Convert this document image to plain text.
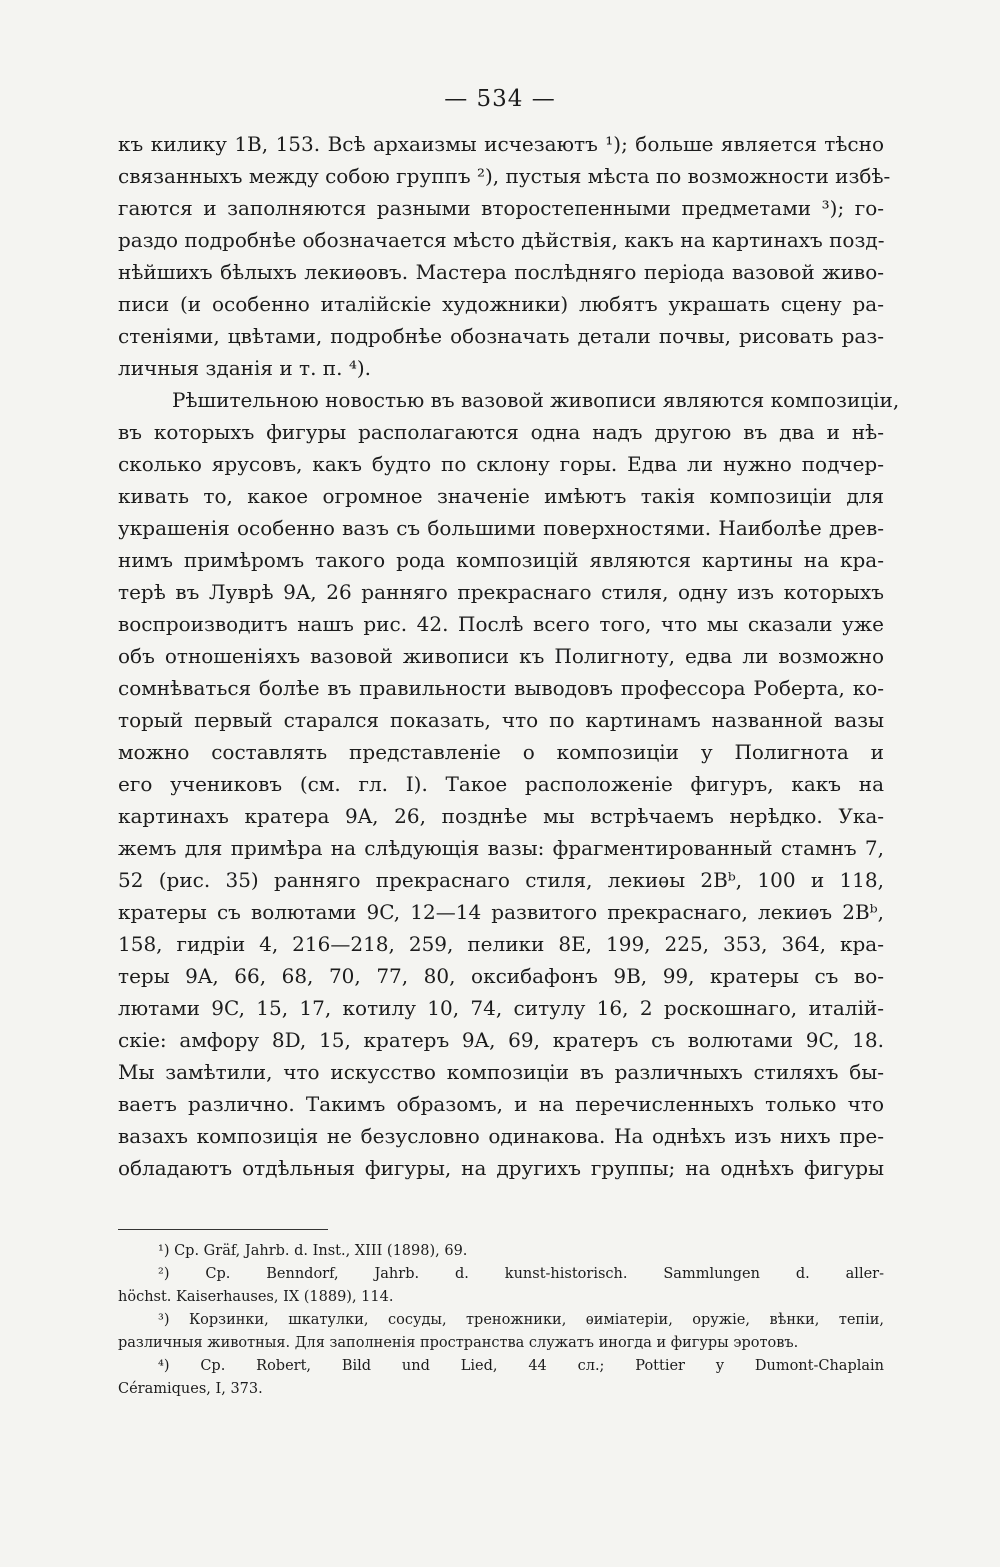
— 534 —
къ килику 1B, 153. Всѣ архаизмы исчезаютъ ¹); больше является тѣсно
связанныхъ между собою группъ ²), пустыя мѣста по возможности избѣ-
гаются и заполняются разными второстепенными предметами ³); го-
раздо подробнѣе обозначается мѣсто дѣйствія, какъ на картинахъ позд-
нѣйшихъ бѣлыхъ лекиѳовъ. Мастера послѣдняго періода вазовой живо-
писи (и особенно италійскіе художники) любятъ украшать сцену ра-
стеніями, цвѣтами, подробнѣе обозначать детали почвы, рисовать раз-
личныя зданія и т. п. ⁴).
Рѣшительною новостью въ вазовой живописи являются композиціи,
въ которыхъ фигуры располагаются одна надъ другою въ два и нѣ-
сколько ярусовъ, какъ будто по склону горы. Едва ли нужно подчер-
кивать то, какое огромное значеніе имѣютъ такія композиціи для
украшенія особенно вазъ съ большими поверхностями. Наиболѣе древ-
нимъ примѣромъ такого рода композицій являются картины на кра-
терѣ въ Луврѣ 9A, 26 ранняго прекраснаго стиля, одну изъ которыхъ
воспроизводитъ нашъ рис. 42. Послѣ всего того, что мы сказали уже
объ отношеніяхъ вазовой живописи къ Полигноту, едва ли возможно
сомнѣваться болѣе въ правильности выводовъ профессора Роберта, ко-
торый первый старался показать, что по картинамъ названной вазы
можно составлять представленіе о композиціи у Полигнота и
его учениковъ (см. гл. I). Такое расположеніе фигуръ, какъ на
картинахъ кратера 9A, 26, позднѣе мы встрѣчаемъ нерѣдко. Ука-
жемъ для примѣра на слѣдующія вазы: фрагментированный стамнъ 7,
52 (рис. 35) ранняго прекраснаго стиля, лекиѳы 2Bᵇ, 100 и 118,
кратеры съ волютами 9C, 12—14 развитого прекраснаго, лекиѳъ 2Bᵇ,
158, гидріи 4, 216—218, 259, пелики 8E, 199, 225, 353, 364, кра-
теры 9A, 66, 68, 70, 77, 80, оксибафонъ 9B, 99, кратеры съ во-
лютами 9C, 15, 17, котилу 10, 74, ситулу 16, 2 роскошнаго, италій-
скіе: амфору 8D, 15, кратеръ 9A, 69, кратеръ съ волютами 9C, 18.
Мы замѣтили, что искусство композиціи въ различныхъ стиляхъ бы-
ваетъ различно. Такимъ образомъ, и на перечисленныхъ только что
вазахъ композиція не безусловно одинакова. На однѣхъ изъ нихъ пре-
обладаютъ отдѣльныя фигуры, на другихъ группы; на однѣхъ фигуры
¹) Cp. Gräf, Jahrb. d. Inst., XIII (1898), 69.
²) Cp. Benndorf, Jahrb. d. kunst-historisch. Sammlungen d. aller-
höchst. Kaiserhauses, IX (1889), 114.
³) Корзинки, шкатулки, сосуды, треножники, ѳиміатеріи, оружіе, вѣнки, тепіи,
различныя животныя. Для заполненія пространства служатъ иногда и фигуры эротовъ.
⁴) Cp. Robert, Bild und Lied, 44 сл.; Pottier y Dumont-Chaplain
Céramiques, I, 373.
